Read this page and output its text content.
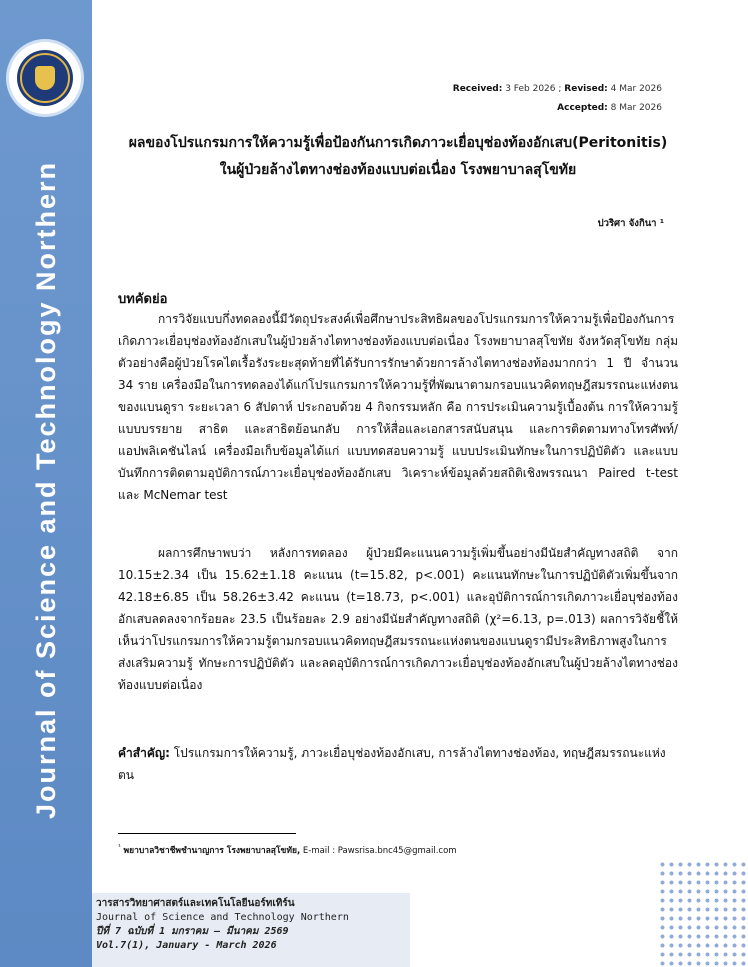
Journal of Science and Technology Northern
Received: 3 Feb 2026 ; Revised: 4 Mar 2026
Accepted: 8 Mar 2026
ผลของโปรแกรมการให้ความรู้เพื่อป้องกันการเกิดภาวะเยื่อบุช่องท้องอักเสบ(Peritonitis)
ในผู้ป่วยล้างไตทางช่องท้องแบบต่อเนื่อง โรงพยาบาลสุโขทัย
ปวริศา จังกินา ¹
บทคัดย่อ
การวิจัยแบบกึ่งทดลองนี้มีวัตถุประสงค์เพื่อศึกษาประสิทธิผลของโปรแกรมการให้ความรู้เพื่อป้องกันการเกิดภาวะเยื่อบุช่องท้องอักเสบในผู้ป่วยล้างไตทางช่องท้องแบบต่อเนื่อง โรงพยาบาลสุโขทัย จังหวัดสุโขทัย กลุ่มตัวอย่างคือผู้ป่วยโรคไตเรื้อรังระยะสุดท้ายที่ได้รับการรักษาด้วยการล้างไตทางช่องท้องมากกว่า 1 ปี จำนวน 34 ราย เครื่องมือในการทดลองได้แก่โปรแกรมการให้ความรู้ที่พัฒนาตามกรอบแนวคิดทฤษฎีสมรรถนะแห่งตนของแบนดูรา ระยะเวลา 6 สัปดาห์ ประกอบด้วย 4 กิจกรรมหลัก คือ การประเมินความรู้เบื้องต้น การให้ความรู้แบบบรรยาย สาธิต และสาธิตย้อนกลับ การให้สื่อและเอกสารสนับสนุน และการติดตามทางโทรศัพท์/แอปพลิเคชันไลน์ เครื่องมือเก็บข้อมูลได้แก่ แบบทดสอบความรู้ แบบประเมินทักษะในการปฏิบัติตัว และแบบบันทึกการติดตามอุบัติการณ์ภาวะเยื่อบุช่องท้องอักเสบ วิเคราะห์ข้อมูลด้วยสถิติเชิงพรรณนา Paired t-test และ McNemar test
ผลการศึกษาพบว่า หลังการทดลอง ผู้ป่วยมีคะแนนความรู้เพิ่มขึ้นอย่างมีนัยสำคัญทางสถิติ จาก 10.15±2.34 เป็น 15.62±1.18 คะแนน (t=15.82, p<.001) คะแนนทักษะในการปฏิบัติตัวเพิ่มขึ้นจาก 42.18±6.85 เป็น 58.26±3.42 คะแนน (t=18.73, p<.001) และอุบัติการณ์การเกิดภาวะเยื่อบุช่องท้องอักเสบลดลงจากร้อยละ 23.5 เป็นร้อยละ 2.9 อย่างมีนัยสำคัญทางสถิติ (χ²=6.13, p=.013) ผลการวิจัยชี้ให้เห็นว่าโปรแกรมการให้ความรู้ตามกรอบแนวคิดทฤษฎีสมรรถนะแห่งตนของแบนดูรามีประสิทธิภาพสูงในการส่งเสริมความรู้ ทักษะการปฏิบัติตัว และลดอุบัติการณ์การเกิดภาวะเยื่อบุช่องท้องอักเสบในผู้ป่วยล้างไตทางช่องท้องแบบต่อเนื่อง
คำสำคัญ: โปรแกรมการให้ความรู้, ภาวะเยื่อบุช่องท้องอักเสบ, การล้างไตทางช่องท้อง, ทฤษฎีสมรรถนะแห่งตน
$^{^1}$ พยาบาลวิชาชีพชำนาญการ โรงพยาบาลสุโขทัย, E-mail : Pawsrisa.bnc45@gmail.com
วารสารวิทยาศาสตร์และเทคโนโลยีนอร์ทเทิร์น
Journal of Science and Technology Northern
ปีที่ 7 ฉบับที่ 1 มกราคม – มีนาคม 2569
Vol.7(1), January - March 2026
